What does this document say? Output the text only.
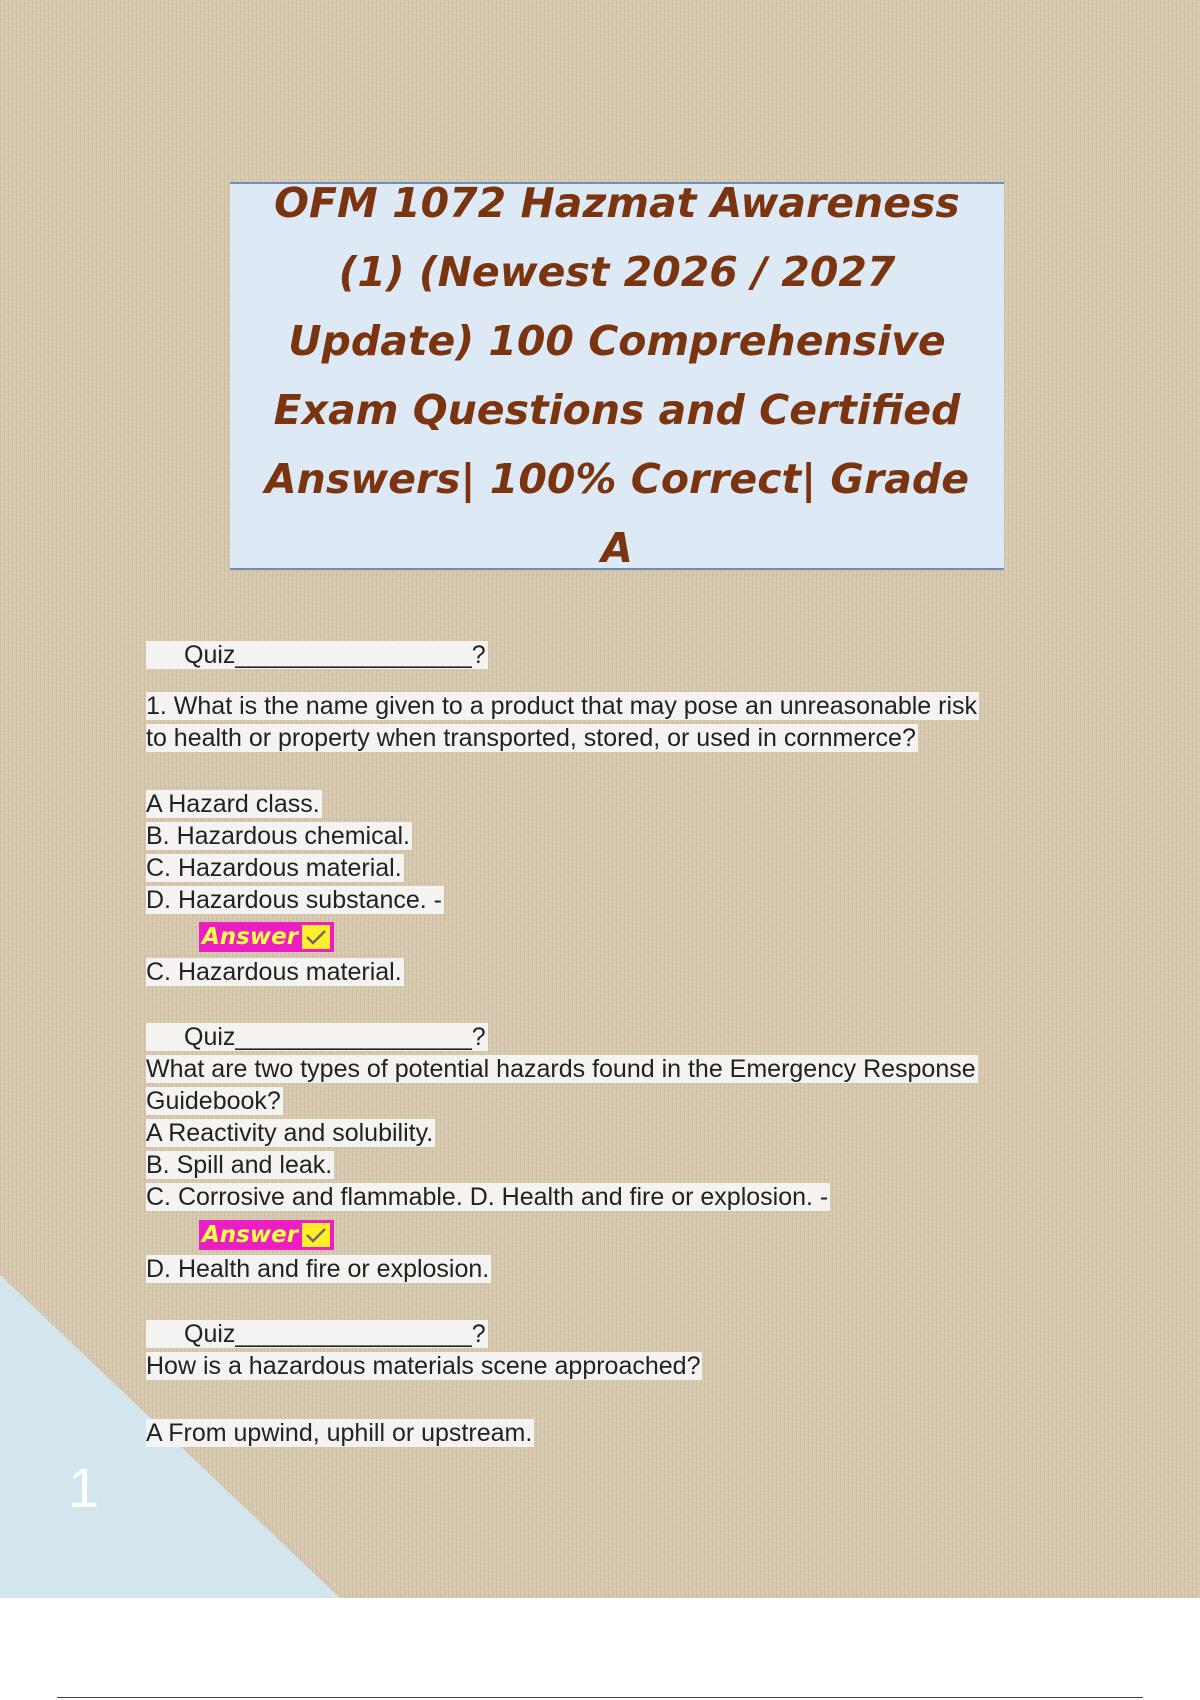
1
OFM 1072 Hazmat Awareness (1) (Newest 2026 / 2027 Update) 100 Comprehensive Exam Questions and Certified Answers| 100% Correct| Grade A
Quiz_________________?
1. What is the name given to a product that may pose an unreasonable risk
to health or property when transported, stored, or used in cornmerce?
A Hazard class.
B. Hazardous chemical.
C. Hazardous material.
D. Hazardous substance. -
Answer
C. Hazardous material.
Quiz_________________?
What are two types of potential hazards found in the Emergency Response
Guidebook?
A Reactivity and solubility.
B. Spill and leak.
C. Corrosive and flammable. D. Health and fire or explosion. -
Answer
D. Health and fire or explosion.
Quiz_________________?
How is a hazardous materials scene approached?
A From upwind, uphill or upstream.
